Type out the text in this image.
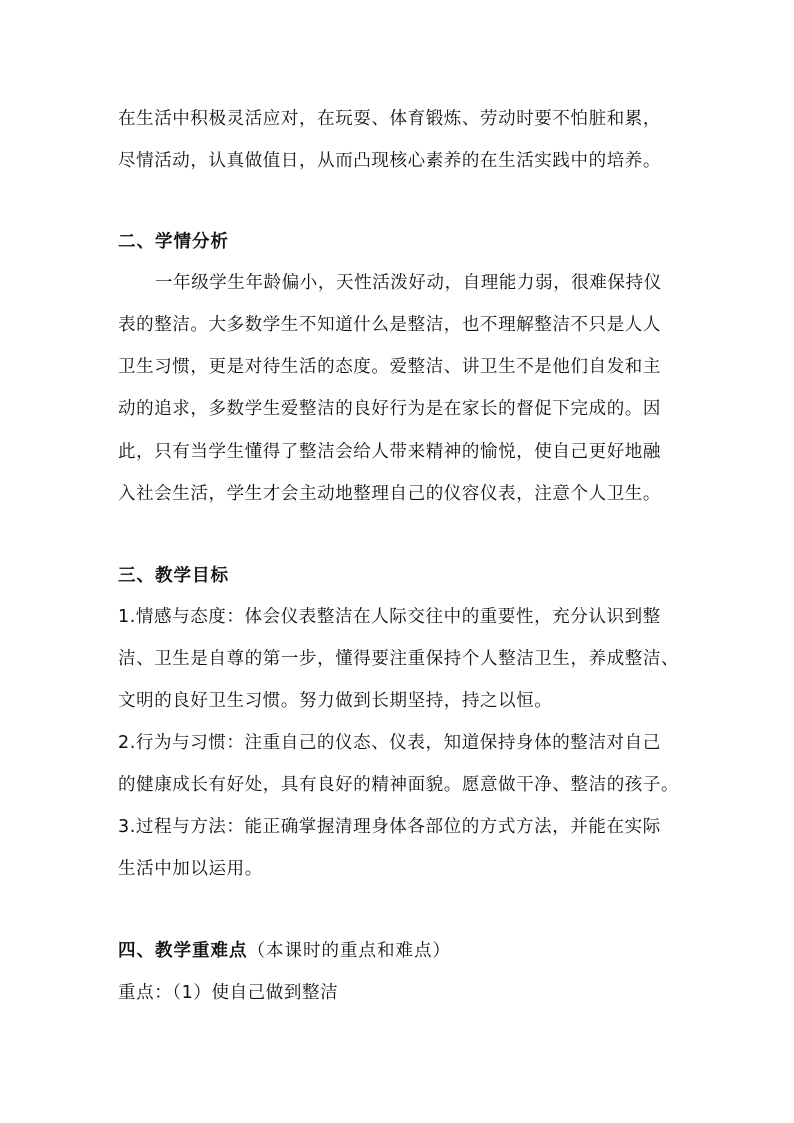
在生活中积极灵活应对，在玩耍、体育锻炼、劳动时要不怕脏和累，
尽情活动，认真做值日，从而凸现核心素养的在生活实践中的培养。
二、学情分析
一年级学生年龄偏小，天性活泼好动，自理能力弱，很难保持仪
表的整洁。大多数学生不知道什么是整洁，也不理解整洁不只是人人
卫生习惯，更是对待生活的态度。爱整洁、讲卫生不是他们自发和主
动的追求，多数学生爱整洁的良好行为是在家长的督促下完成的。因
此，只有当学生懂得了整洁会给人带来精神的愉悦，使自己更好地融
入社会生活，学生才会主动地整理自己的仪容仪表，注意个人卫生。
三、教学目标
1.情感与态度：体会仪表整洁在人际交往中的重要性，充分认识到整
洁、卫生是自尊的第一步，懂得要注重保持个人整洁卫生，养成整洁、
文明的良好卫生习惯。努力做到长期坚持，持之以恒。
2.行为与习惯：注重自己的仪态、仪表，知道保持身体的整洁对自己
的健康成长有好处，具有良好的精神面貌。愿意做干净、整洁的孩子。
3.过程与方法：能正确掌握清理身体各部位的方式方法，并能在实际
生活中加以运用。
四、教学重难点（本课时的重点和难点）
重点：（1）使自己做到整洁
